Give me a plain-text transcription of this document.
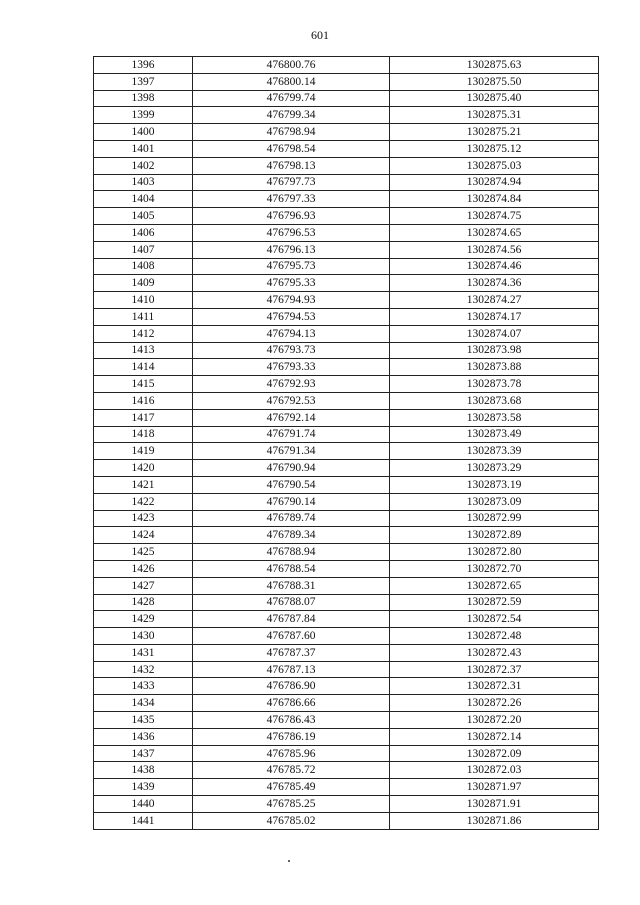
601
1396	476800.76	1302875.63
1397	476800.14	1302875.50
1398	476799.74	1302875.40
1399	476799.34	1302875.31
1400	476798.94	1302875.21
1401	476798.54	1302875.12
1402	476798.13	1302875.03
1403	476797.73	1302874.94
1404	476797.33	1302874.84
1405	476796.93	1302874.75
1406	476796.53	1302874.65
1407	476796.13	1302874.56
1408	476795.73	1302874.46
1409	476795.33	1302874.36
1410	476794.93	1302874.27
1411	476794.53	1302874.17
1412	476794.13	1302874.07
1413	476793.73	1302873.98
1414	476793.33	1302873.88
1415	476792.93	1302873.78
1416	476792.53	1302873.68
1417	476792.14	1302873.58
1418	476791.74	1302873.49
1419	476791.34	1302873.39
1420	476790.94	1302873.29
1421	476790.54	1302873.19
1422	476790.14	1302873.09
1423	476789.74	1302872.99
1424	476789.34	1302872.89
1425	476788.94	1302872.80
1426	476788.54	1302872.70
1427	476788.31	1302872.65
1428	476788.07	1302872.59
1429	476787.84	1302872.54
1430	476787.60	1302872.48
1431	476787.37	1302872.43
1432	476787.13	1302872.37
1433	476786.90	1302872.31
1434	476786.66	1302872.26
1435	476786.43	1302872.20
1436	476786.19	1302872.14
1437	476785.96	1302872.09
1438	476785.72	1302872.03
1439	476785.49	1302871.97
1440	476785.25	1302871.91
1441	476785.02	1302871.86
